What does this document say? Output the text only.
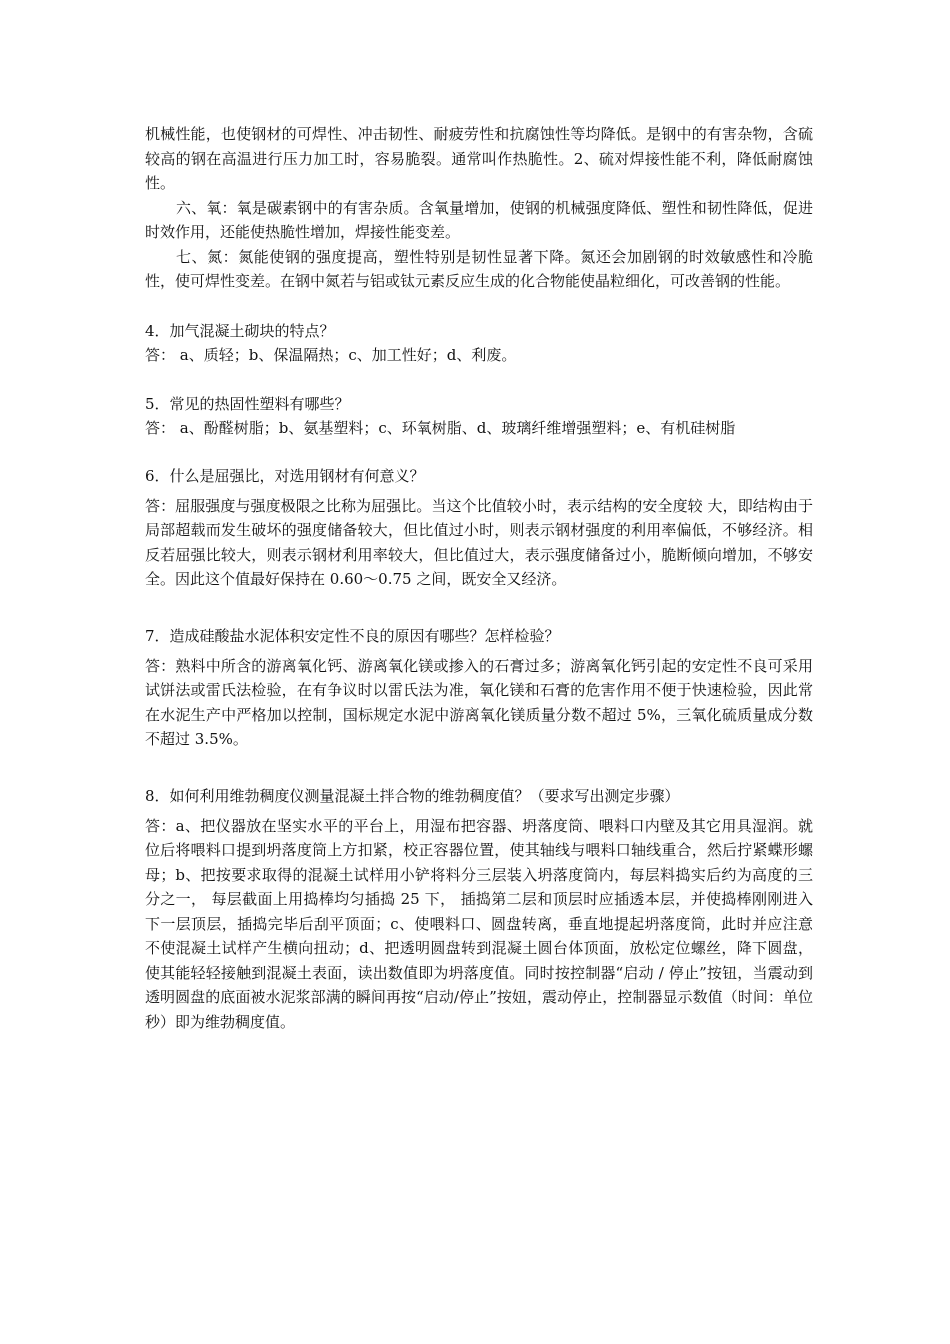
机械性能，也使钢材的可焊性、冲击韧性、耐疲劳性和抗腐蚀性等均降低。是钢中的有害杂物，含硫较高的钢在高温进行压力加工时，容易脆裂。通常叫作热脆性。2、硫对焊接性能不利，降低耐腐蚀性。

六、氧：氧是碳素钢中的有害杂质。含氧量增加，使钢的机械强度降低、塑性和韧性降低，促进时效作用，还能使热脆性增加，焊接性能变差。

七、氮：氮能使钢的强度提高，塑性特别是韧性显著下降。氮还会加剧钢的时效敏感性和冷脆性，使可焊性变差。在钢中氮若与铝或钛元素反应生成的化合物能使晶粒细化，可改善钢的性能。

4．加气混凝土砌块的特点？

答： a、质轻；b、保温隔热；c、加工性好；d、利废。

5．常见的热固性塑料有哪些？

答： a、酚醛树脂；b、氨基塑料；c、环氧树脂、d、玻璃纤维增强塑料；e、有机硅树脂

6．什么是屈强比，对选用钢材有何意义？

答：屈服强度与强度极限之比称为屈强比。当这个比值较小时，表示结构的安全度较 大，即结构由于局部超载而发生破坏的强度储备较大，但比值过小时，则表示钢材强度的利用率偏低，不够经济。相反若屈强比较大，则表示钢材利用率较大，但比值过大，表示强度储备过小，脆断倾向增加，不够安全。因此这个值最好保持在 0.60～0.75 之间，既安全又经济。

7．造成硅酸盐水泥体积安定性不良的原因有哪些？怎样检验？

答：熟料中所含的游离氧化钙、游离氧化镁或掺入的石膏过多；游离氧化钙引起的安定性不良可采用试饼法或雷氏法检验，在有争议时以雷氏法为准，氧化镁和石膏的危害作用不便于快速检验，因此常在水泥生产中严格加以控制，国标规定水泥中游离氧化镁质量分数不超过 5%，三氧化硫质量成分数不超过 3.5%。

8．如何利用维勃稠度仪测量混凝土拌合物的维勃稠度值？（要求写出测定步骤）

答：a、把仪器放在坚实水平的平台上，用湿布把容器、坍落度筒、喂料口内壁及其它用具湿润。就位后将喂料口提到坍落度筒上方扣紧，校正容器位置，使其轴线与喂料口轴线重合，然后拧紧蝶形螺母；b、把按要求取得的混凝土试样用小铲将料分三层装入坍落度筒内，每层料捣实后约为高度的三分之一， 每层截面上用捣棒均匀插捣 25 下， 插捣第二层和顶层时应插透本层，并使捣棒刚刚进入下一层顶层，插捣完毕后刮平顶面；c、使喂料口、圆盘转离，垂直地提起坍落度筒，此时并应注意不使混凝土试样产生横向扭动；d、把透明圆盘转到混凝土圆台体顶面，放松定位螺丝，降下圆盘，使其能轻轻接触到混凝土表面，读出数值即为坍落度值。同时按控制器“启动 / 停止”按钮，当震动到透明圆盘的底面被水泥浆部满的瞬间再按“启动/停止”按妞，震动停止，控制器显示数值（时间：单位秒）即为维勃稠度值。
